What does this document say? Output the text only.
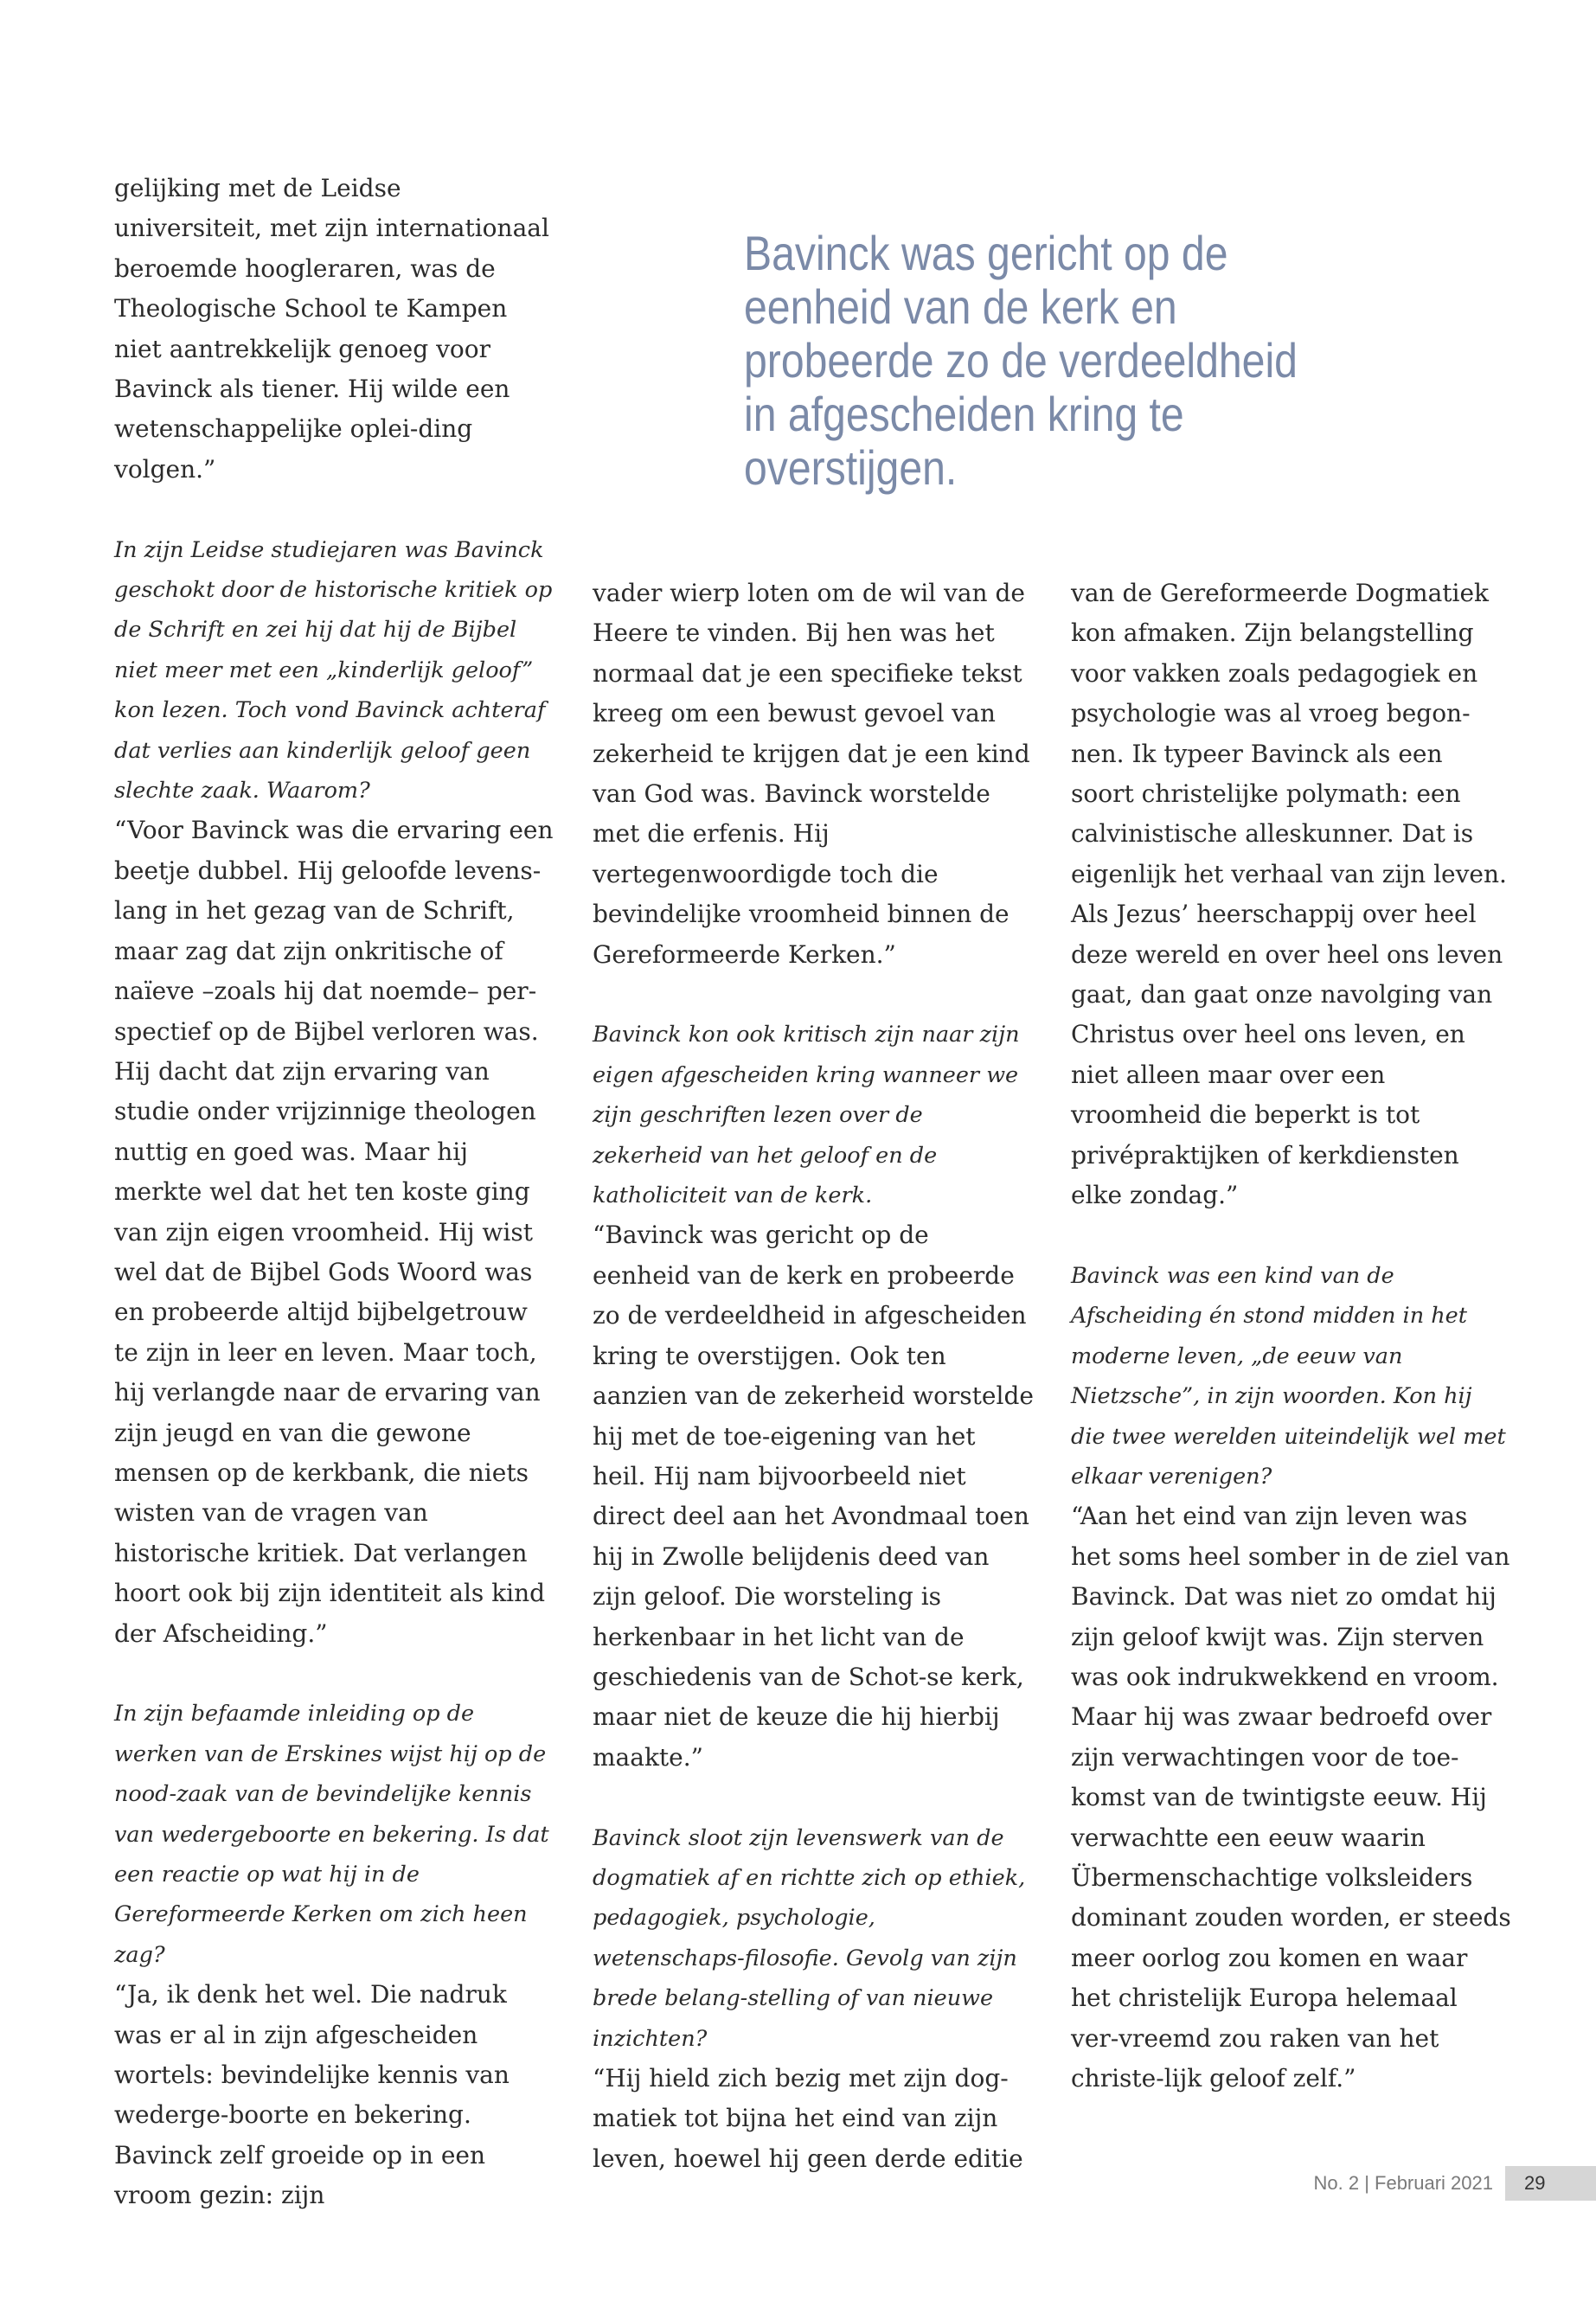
Bavinck was gericht op de eenheid van de kerk en probeerde zo de verdeeldheid in afgescheiden kring te overstijgen.

gelijking met de Leidse universiteit, met zijn internationaal beroemde hoogleraren, was de Theologische School te Kampen niet aantrekkelijk genoeg voor Bavinck als tiener. Hij wilde een wetenschappelijke oplei-ding volgen.”

In zijn Leidse studiejaren was Bavinck geschokt door de historische kritiek op de Schrift en zei hij dat hij de Bijbel niet meer met een „kinderlijk geloof” kon lezen. Toch vond Bavinck achteraf dat verlies aan kinderlijk geloof geen slechte zaak. Waarom?

“Voor Bavinck was die ervaring een beetje dubbel. Hij geloofde levens-lang in het gezag van de Schrift, maar zag dat zijn onkritische of naïeve –zoals hij dat noemde– per-spectief op de Bijbel verloren was. Hij dacht dat zijn ervaring van studie onder vrijzinnige theologen nuttig en goed was. Maar hij merkte wel dat het ten koste ging van zijn eigen vroomheid. Hij wist wel dat de Bijbel Gods Woord was en probeerde altijd bijbelgetrouw te zijn in leer en leven. Maar toch, hij verlangde naar de ervaring van zijn jeugd en van die gewone mensen op de kerkbank, die niets wisten van de vragen van historische kritiek. Dat verlangen hoort ook bij zijn identiteit als kind der Afscheiding.”

In zijn befaamde inleiding op de werken van de Erskines wijst hij op de nood-zaak van de bevindelijke kennis van wedergeboorte en bekering. Is dat een reactie op wat hij in de Gereformeerde Kerken om zich heen zag?

“Ja, ik denk het wel. Die nadruk was er al in zijn afgescheiden wortels: bevindelijke kennis van wederge-boorte en bekering. Bavinck zelf groeide op in een vroom gezin: zijn

vader wierp loten om de wil van de Heere te vinden. Bij hen was het normaal dat je een specifieke tekst kreeg om een bewust gevoel van zekerheid te krijgen dat je een kind van God was. Bavinck worstelde met die erfenis. Hij vertegenwoordigde toch die bevindelijke vroomheid binnen de Gereformeerde Kerken.”

Bavinck kon ook kritisch zijn naar zijn eigen afgescheiden kring wanneer we zijn geschriften lezen over de zekerheid van het geloof en de katholiciteit van de kerk.

“Bavinck was gericht op de eenheid van de kerk en probeerde zo de verdeeldheid in afgescheiden kring te overstijgen. Ook ten aanzien van de zekerheid worstelde hij met de toe-eigening van het heil. Hij nam bijvoorbeeld niet direct deel aan het Avondmaal toen hij in Zwolle belijdenis deed van zijn geloof. Die worsteling is herkenbaar in het licht van de geschiedenis van de Schot-se kerk, maar niet de keuze die hij hierbij maakte.”

Bavinck sloot zijn levenswerk van de dogmatiek af en richtte zich op ethiek, pedagogiek, psychologie, wetenschaps-filosofie. Gevolg van zijn brede belang-stelling of van nieuwe inzichten?

“Hij hield zich bezig met zijn dog-matiek tot bijna het eind van zijn leven, hoewel hij geen derde editie

van de Gereformeerde Dogmatiek kon afmaken. Zijn belangstelling voor vakken zoals pedagogiek en psychologie was al vroeg begon-nen. Ik typeer Bavinck als een soort christelijke polymath: een calvinistische alleskunner. Dat is eigenlijk het verhaal van zijn leven. Als Jezus’ heerschappij over heel deze wereld en over heel ons leven gaat, dan gaat onze navolging van Christus over heel ons leven, en niet alleen maar over een vroomheid die beperkt is tot privépraktijken of kerkdiensten elke zondag.”

Bavinck was een kind van de Afscheiding én stond midden in het moderne leven, „de eeuw van Nietzsche”, in zijn woorden. Kon hij die twee werelden uiteindelijk wel met elkaar verenigen?

“Aan het eind van zijn leven was het soms heel somber in de ziel van Bavinck. Dat was niet zo omdat hij zijn geloof kwijt was. Zijn sterven was ook indrukwekkend en vroom. Maar hij was zwaar bedroefd over zijn verwachtingen voor de toe-komst van de twintigste eeuw. Hij verwachtte een eeuw waarin Übermenschachtige volksleiders dominant zouden worden, er steeds meer oorlog zou komen en waar het christelijk Europa helemaal ver-vreemd zou raken van het christe-lijk geloof zelf.”

No. 2 | Februari 2021	29
